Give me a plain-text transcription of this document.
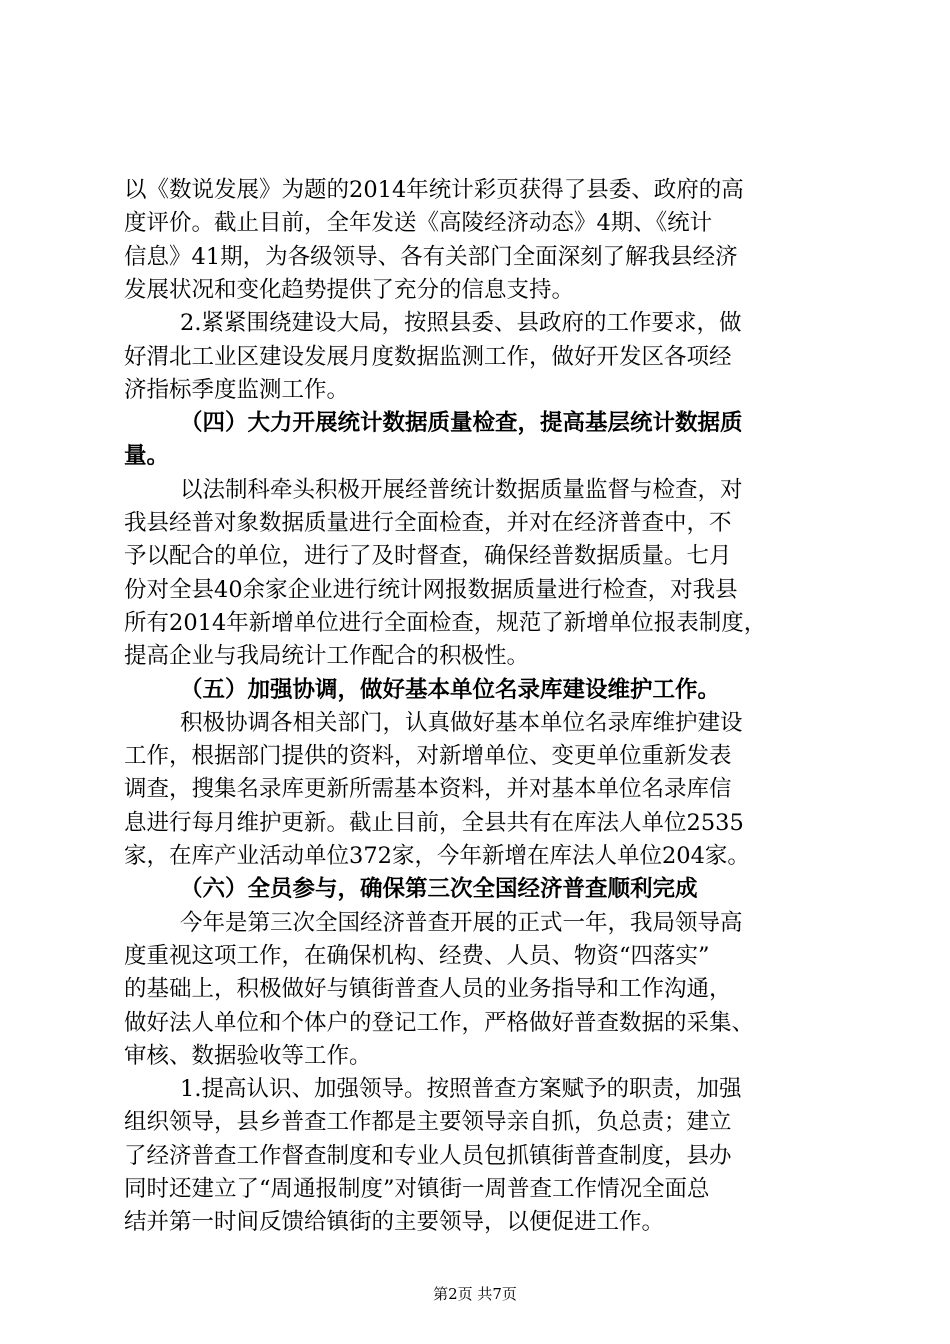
以《数说发展》为题的2014年统计彩页获得了县委、政府的高
度评价。截止目前，全年发送《高陵经济动态》4期、《统计
信息》41期，为各级领导、各有关部门全面深刻了解我县经济
发展状况和变化趋势提供了充分的信息支持。
2.紧紧围绕建设大局，按照县委、县政府的工作要求，做
好渭北工业区建设发展月度数据监测工作，做好开发区各项经
济指标季度监测工作。
（四）大力开展统计数据质量检查，提高基层统计数据质
量。
以法制科牵头积极开展经普统计数据质量监督与检查，对
我县经普对象数据质量进行全面检查，并对在经济普查中，不
予以配合的单位，进行了及时督查，确保经普数据质量。七月
份对全县40余家企业进行统计网报数据质量进行检查，对我县
所有2014年新增单位进行全面检查，规范了新增单位报表制度，
提高企业与我局统计工作配合的积极性。
（五）加强协调，做好基本单位名录库建设维护工作。
积极协调各相关部门，认真做好基本单位名录库维护建设
工作，根据部门提供的资料，对新增单位、变更单位重新发表
调查，搜集名录库更新所需基本资料，并对基本单位名录库信
息进行每月维护更新。截止目前，全县共有在库法人单位2535
家，在库产业活动单位372家，今年新增在库法人单位204家。
（六）全员参与，确保第三次全国经济普查顺利完成
今年是第三次全国经济普查开展的正式一年，我局领导高
度重视这项工作，在确保机构、经费、人员、物资“四落实”
的基础上，积极做好与镇街普查人员的业务指导和工作沟通，
做好法人单位和个体户的登记工作，严格做好普查数据的采集、
审核、数据验收等工作。
1.提高认识、加强领导。按照普查方案赋予的职责，加强
组织领导，县乡普查工作都是主要领导亲自抓，负总责；建立
了经济普查工作督查制度和专业人员包抓镇街普查制度，县办
同时还建立了“周通报制度”对镇街一周普查工作情况全面总
结并第一时间反馈给镇街的主要领导，以便促进工作。
第2页 共7页
